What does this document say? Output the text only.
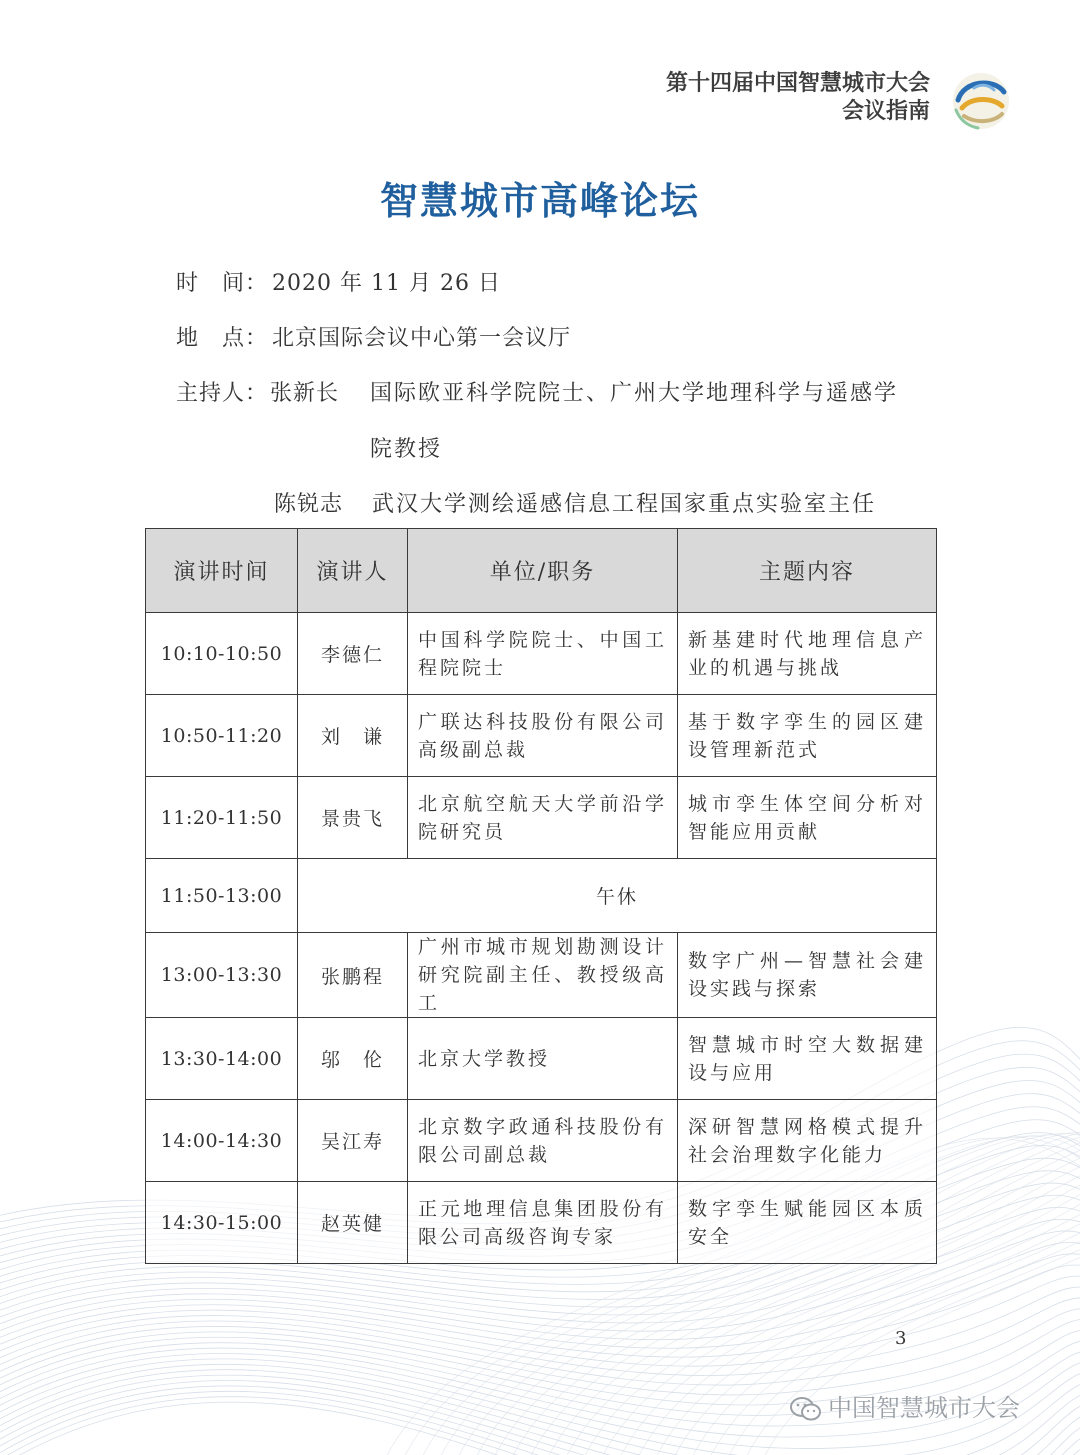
第十四届中国智慧城市大会
会议指南
智慧城市高峰论坛
时　间： 2020 年 11 月 26 日
地　点： 北京国际会议中心第一会议厅
主持人： 张新长 国际欧亚科学院院士、广州大学地理科学与遥感学
院教授
陈锐志 武汉大学测绘遥感信息工程国家重点实验室主任
演讲时间	演讲人	单位/职务	主题内容
10:10-10:50	李德仁	中国科学院院士、中国工程院院士	新基建时代地理信息产业的机遇与挑战
10:50-11:20	刘　谦	广联达科技股份有限公司高级副总裁	基于数字孪生的园区建设管理新范式
11:20-11:50	景贵飞	北京航空航天大学前沿学院研究员	城市孪生体空间分析对智能应用贡献
11:50-13:00	午休		
13:00-13:30	张鹏程	广州市城市规划勘测设计研究院副主任、教授级高工	数字广州—智慧社会建设实践与探索
13:30-14:00	邬　伦	北京大学教授	智慧城市时空大数据建设与应用
14:00-14:30	吴江寿	北京数字政通科技股份有限公司副总裁	深研智慧网格模式提升社会治理数字化能力
14:30-15:00	赵英健	正元地理信息集团股份有限公司高级咨询专家	数字孪生赋能园区本质安全
3
中国智慧城市大会
